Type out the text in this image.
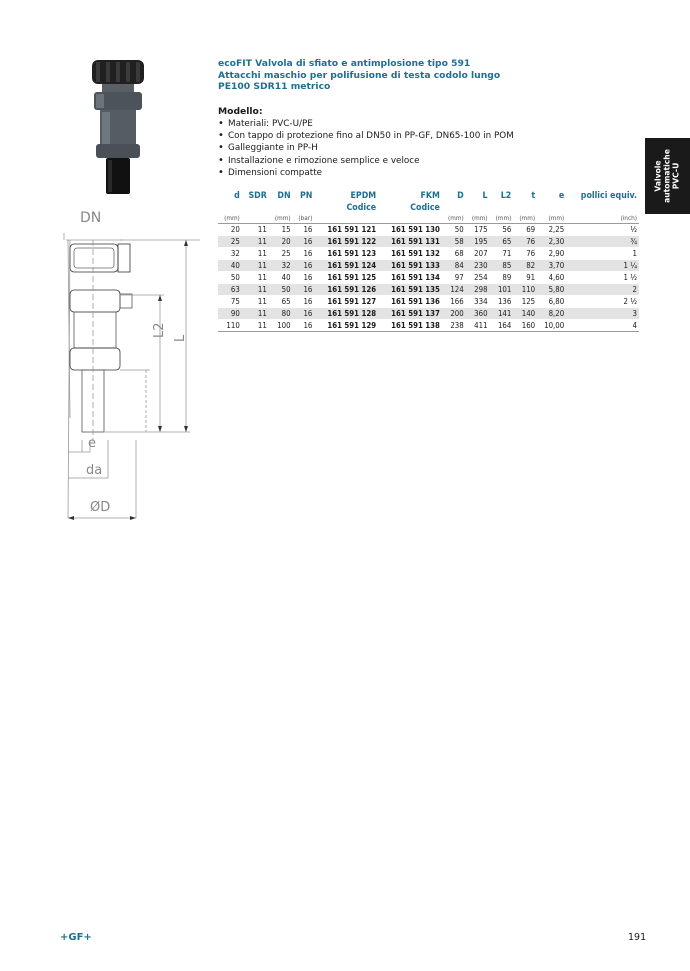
DN
L2
L
e
da
ØD
ecoFIT Valvola di sfiato e antimplosione tipo 591
Attacchi maschio per polifusione di testa codolo lungo
PE100 SDR11 metrico
Modello:
• Materiali: PVC-U/PE
• Con tappo di protezione fino al DN50 in PP-GF, DN65-100 in POM
• Galleggiante in PP-H
• Installazione e rimozione semplice e veloce
• Dimensioni compatte	Valvole automatiche PVC-U
d	SDR	DN	PN	EPDM	FKM	D	L	L2	t	e	pollici equiv.
				Codice	Codice						
(mm)		(mm)	(bar)			(mm)	(mm)	(mm)	(mm)	(mm)	(inch)
20	11	15	16	161 591 121	161 591 130	50	175	56	69	2,25	½
25	11	20	16	161 591 122	161 591 131	58	195	65	76	2,30	¾
32	11	25	16	161 591 123	161 591 132	68	207	71	76	2,90	1
40	11	32	16	161 591 124	161 591 133	84	230	85	82	3,70	1 ¼
50	11	40	16	161 591 125	161 591 134	97	254	89	91	4,60	1 ½
63	11	50	16	161 591 126	161 591 135	124	298	101	110	5,80	2
75	11	65	16	161 591 127	161 591 136	166	334	136	125	6,80	2 ½
90	11	80	16	161 591 128	161 591 137	200	360	141	140	8,20	3
110	11	100	16	161 591 129	161 591 138	238	411	164	160	10,00	4
+GF+	191
